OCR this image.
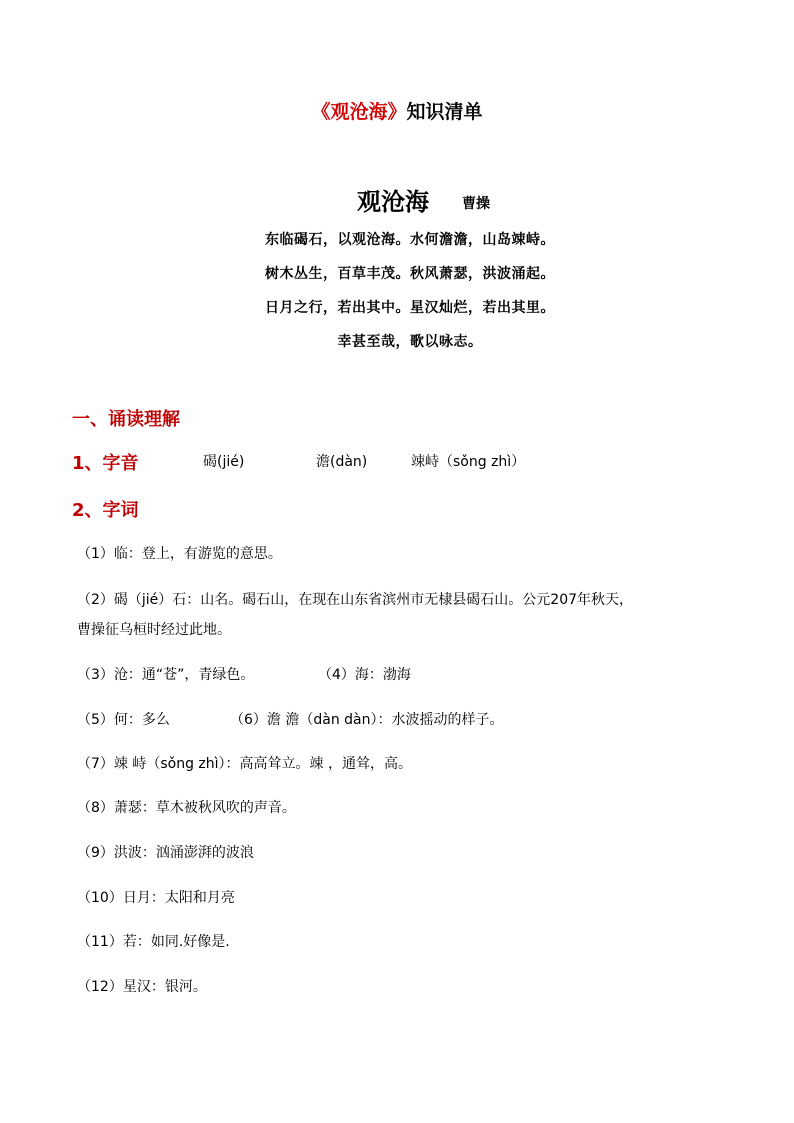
《观沧海》知识清单
观沧海 曹操
东临碣石，以观沧海。水何澹澹，山岛竦峙。
树木丛生，百草丰茂。秋风萧瑟，洪波涌起。
日月之行，若出其中。星汉灿烂，若出其里。
幸甚至哉，歌以咏志。
一、诵读理解
1、字音	碣(jié)	澹(dàn)	竦峙（sǒng zhì）
2、字词
（1）临：登上，有游览的意思。
（2）碣（jié）石：山名。碣石山，在现在山东省滨州市无棣县碣石山。公元207年秋天，
曹操征乌桓时经过此地。
（3）沧：通“苍”，青绿色。	（4）海：渤海
（5）何：多么	（6）澹 澹（dàn dàn）：水波摇动的样子。
（7）竦 峙（sǒng zhì）：高高耸立。竦 ，通耸，高。
（8）萧瑟：草木被秋风吹的声音。
（9）洪波：汹涌澎湃的波浪
（10）日月：太阳和月亮
（11）若：如同.好像是.
（12）星汉：银河。
